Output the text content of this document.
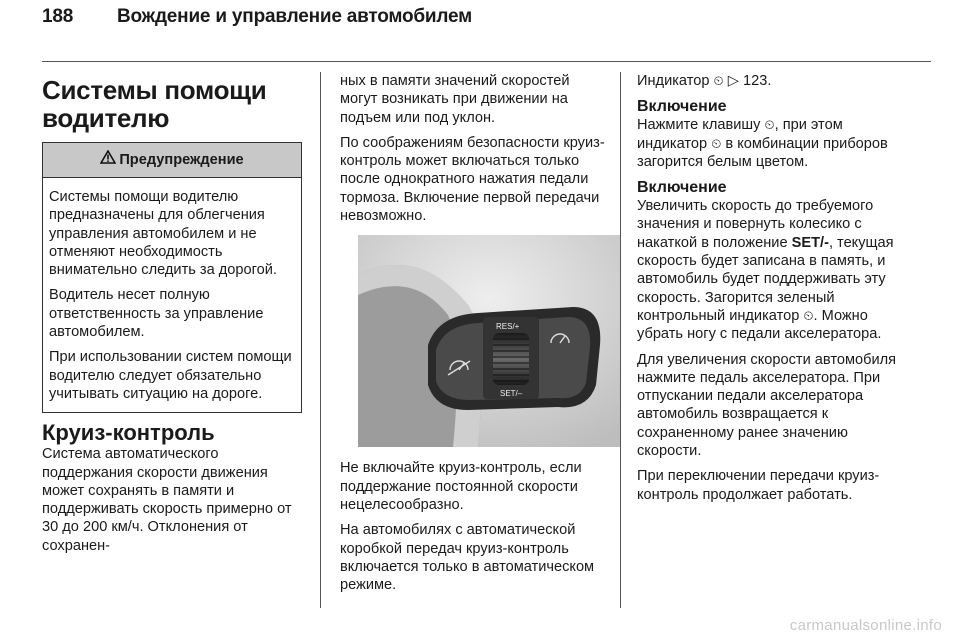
188 Вождение и управление автомобилем
Системы помощи
водителю
Предупреждение

Системы помощи водителю предназначены для облегчения управления автомобилем и не отменяют необходимость внимательно следить за дорогой.

Водитель несет полную ответственность за управление автомобилем.

При использовании систем помощи водителю следует обязательно учитывать ситуацию на дороге.

Круиз-контроль

Система автоматического поддержания скорости движения может сохранять в памяти и поддерживать скорость примерно от 30 до 200 км/ч. Отклонения от сохранен-

ных в памяти значений скоростей могут возникать при движении на подъем или под уклон.

По соображениям безопасности круиз-контроль может включаться только после однократного нажатия педали тормоза. Включение первой передачи невозможно.

RES/+
SET/–

Не включайте круиз-контроль, если поддержание постоянной скорости нецелесообразно.

На автомобилях с автоматической коробкой передач круиз-контроль включается только в автоматическом режиме.

Индикатор ⏲ ▷ 123.

Включение

Нажмите клавишу ⏲, при этом индикатор ⏲ в комбинации приборов загорится белым цветом.

Включение

Увеличить скорость до требуемого значения и повернуть колесико с накаткой в положение SET/-, текущая скорость будет записана в память, и автомобиль будет поддерживать эту скорость. Загорится зеленый контрольный индикатор ⏲. Можно убрать ногу с педали акселератора.

Для увеличения скорости автомобиля нажмите педаль акселератора. При отпускании педали акселератора автомобиль возвращается к сохраненному ранее значению скорости.

При переключении передачи круиз-контроль продолжает работать.

carmanualsonline.info
